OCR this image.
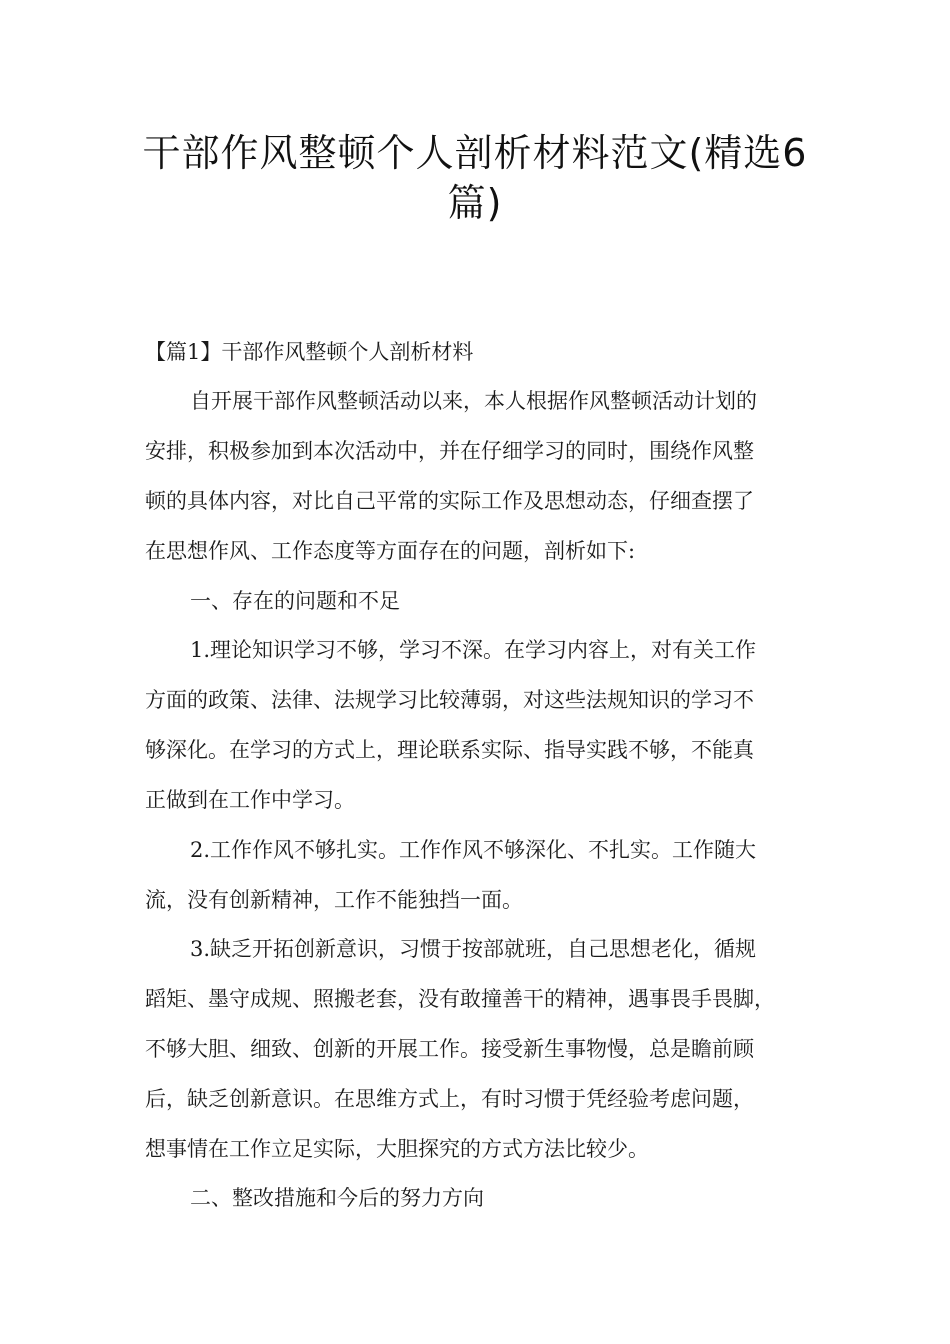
干部作风整顿个人剖析材料范文(精选6
篇)
【篇1】干部作风整顿个人剖析材料
自开展干部作风整顿活动以来，本人根据作风整顿活动计划的
安排，积极参加到本次活动中，并在仔细学习的同时，围绕作风整
顿的具体内容，对比自己平常的实际工作及思想动态，仔细查摆了
在思想作风、工作态度等方面存在的问题，剖析如下:
一、存在的问题和不足
1.理论知识学习不够，学习不深。在学习内容上，对有关工作
方面的政策、法律、法规学习比较薄弱，对这些法规知识的学习不
够深化。在学习的方式上，理论联系实际、指导实践不够，不能真
正做到在工作中学习。
2.工作作风不够扎实。工作作风不够深化、不扎实。工作随大
流，没有创新精神，工作不能独挡一面。
3.缺乏开拓创新意识，习惯于按部就班，自己思想老化，循规
蹈矩、墨守成规、照搬老套，没有敢撞善干的精神，遇事畏手畏脚，
不够大胆、细致、创新的开展工作。接受新生事物慢，总是瞻前顾
后，缺乏创新意识。在思维方式上，有时习惯于凭经验考虑问题，
想事情在工作立足实际，大胆探究的方式方法比较少。
二、整改措施和今后的努力方向
